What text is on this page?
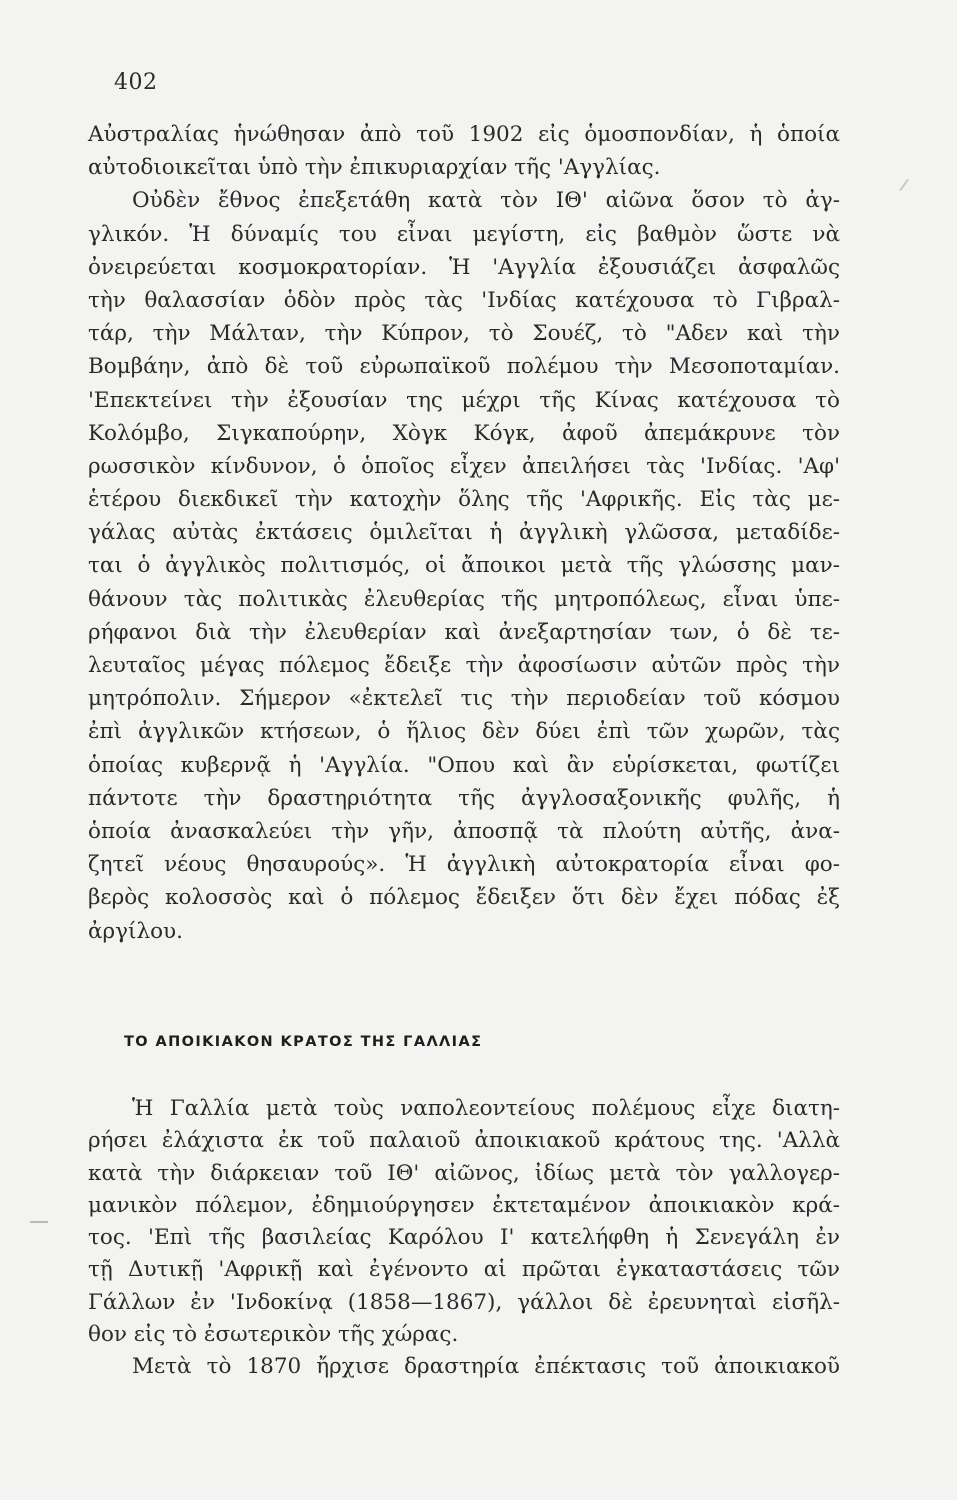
402
Αὐστραλίας ἡνώθησαν ἀπὸ τοῦ 1902 εἰς ὁμοσπονδίαν, ἡ ὁποία
αὐτοδιοικεῖται ὑπὸ τὴν ἐπικυριαρχίαν τῆς 'Αγγλίας.
Οὐδὲν ἔθνος ἐπεξετάθη κατὰ τὸν ΙΘ' αἰῶνα ὅσον τὸ ἀγ-
γλικόν. Ἡ δύναμίς του εἶναι μεγίστη, εἰς βαθμὸν ὥστε νὰ
ὀνειρεύεται κοσμοκρατορίαν. Ἡ 'Αγγλία ἐξουσιάζει ἀσφαλῶς
τὴν θαλασσίαν ὁδὸν πρὸς τὰς 'Ινδίας κατέχουσα τὸ Γιβραλ-
τάρ, τὴν Μάλταν, τὴν Κύπρον, τὸ Σουέζ, τὸ "Αδεν καὶ τὴν
Βομβάην, ἀπὸ δὲ τοῦ εὐρωπαϊκοῦ πολέμου τὴν Μεσοποταμίαν.
'Επεκτείνει τὴν ἐξουσίαν της μέχρι τῆς Κίνας κατέχουσα τὸ
Κολόμβο, Σιγκαπούρην, Χὸγκ Κόγκ, ἀφοῦ ἀπεμάκρυνε τὸν
ρωσσικὸν κίνδυνον, ὁ ὁποῖος εἶχεν ἀπειλήσει τὰς 'Ινδίας. 'Αφ'
ἑτέρου διεκδικεῖ τὴν κατοχὴν ὅλης τῆς 'Αφρικῆς. Εἰς τὰς με-
γάλας αὐτὰς ἐκτάσεις ὁμιλεῖται ἡ ἀγγλικὴ γλῶσσα, μεταδίδε-
ται ὁ ἀγγλικὸς πολιτισμός, οἱ ἄποικοι μετὰ τῆς γλώσσης μαν-
θάνουν τὰς πολιτικὰς ἐλευθερίας τῆς μητροπόλεως, εἶναι ὑπε-
ρήφανοι διὰ τὴν ἐλευθερίαν καὶ ἀνεξαρτησίαν των, ὁ δὲ τε-
λευταῖος μέγας πόλεμος ἔδειξε τὴν ἀφοσίωσιν αὐτῶν πρὸς τὴν
μητρόπολιν. Σήμερον «ἐκτελεῖ τις τὴν περιοδείαν τοῦ κόσμου
ἐπὶ ἀγγλικῶν κτήσεων, ὁ ἥλιος δὲν δύει ἐπὶ τῶν χωρῶν, τὰς
ὁποίας κυβερνᾷ ἡ 'Αγγλία. "Οπου καὶ ἂν εὑρίσκεται, φωτίζει
πάντοτε τὴν δραστηριότητα τῆς ἀγγλοσαξονικῆς φυλῆς, ἡ
ὁποία ἀνασκαλεύει τὴν γῆν, ἀποσπᾷ τὰ πλούτη αὐτῆς, ἀνα-
ζητεῖ νέους θησαυρούς». Ἡ ἀγγλικὴ αὐτοκρατορία εἶναι φο-
βερὸς κολοσσὸς καὶ ὁ πόλεμος ἔδειξεν ὅτι δὲν ἔχει πόδας ἐξ
ἀργίλου.
ΤΟ ΑΠΟΙΚΙΑΚΟΝ ΚΡΑΤΟΣ ΤΗΣ ΓΑΛΛΙΑΣ
Ἡ Γαλλία μετὰ τοὺς ναπολεοντείους πολέμους εἶχε διατη-
ρήσει ἐλάχιστα ἐκ τοῦ παλαιοῦ ἀποικιακοῦ κράτους της. 'Αλλὰ
κατὰ τὴν διάρκειαν τοῦ ΙΘ' αἰῶνος, ἰδίως μετὰ τὸν γαλλογερ-
μανικὸν πόλεμον, ἐδημιούργησεν ἐκτεταμένον ἀποικιακὸν κρά-
τος. 'Επὶ τῆς βασιλείας Καρόλου Ι' κατελήφθη ἡ Σενεγάλη ἐν
τῇ Δυτικῇ 'Αφρικῇ καὶ ἐγένοντο αἱ πρῶται ἐγκαταστάσεις τῶν
Γάλλων ἐν 'Ινδοκίνᾳ (1858—1867), γάλλοι δὲ ἐρευνηταὶ εἰσῆλ-
θον εἰς τὸ ἐσωτερικὸν τῆς χώρας.
Μετὰ τὸ 1870 ἤρχισε δραστηρία ἐπέκτασις τοῦ ἀποικιακοῦ
